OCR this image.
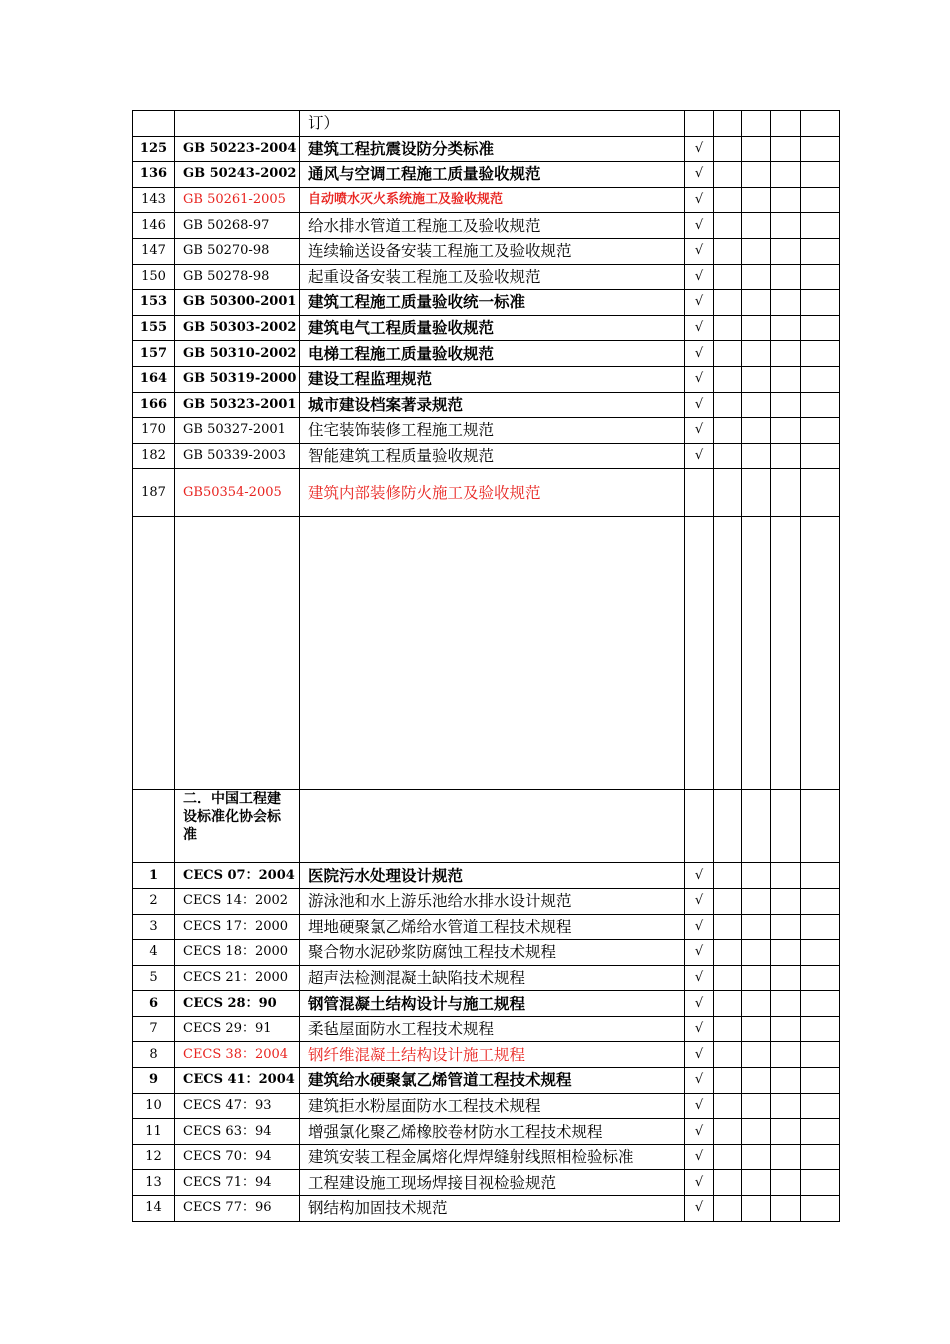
		订）					
125	GB 50223-2004	建筑工程抗震设防分类标准	√				
136	GB 50243-2002	通风与空调工程施工质量验收规范	√				
143	GB 50261-2005	自动喷水灭火系统施工及验收规范	√				
146	GB 50268-97	给水排水管道工程施工及验收规范	√				
147	GB 50270-98	连续输送设备安装工程施工及验收规范	√				
150	GB 50278-98	起重设备安装工程施工及验收规范	√				
153	GB 50300-2001	建筑工程施工质量验收统一标准	√				
155	GB 50303-2002	建筑电气工程质量验收规范	√				
157	GB 50310-2002	电梯工程施工质量验收规范	√				
164	GB 50319-2000	建设工程监理规范	√				
166	GB 50323-2001	城市建设档案著录规范	√				
170	GB 50327-2001	住宅装饰装修工程施工规范	√				
182	GB 50339-2003	智能建筑工程质量验收规范	√				
187	GB50354-2005	建筑内部装修防火施工及验收规范					

	二．中国工程建设标准化协会标准						
1	CECS 07：2004	医院污水处理设计规范	√				
2	CECS 14：2002	游泳池和水上游乐池给水排水设计规范	√				
3	CECS 17：2000	埋地硬聚氯乙烯给水管道工程技术规程	√				
4	CECS 18：2000	聚合物水泥砂浆防腐蚀工程技术规程	√				
5	CECS 21：2000	超声法检测混凝土缺陷技术规程	√				
6	CECS 28：90	钢管混凝土结构设计与施工规程	√				
7	CECS 29：91	柔毡屋面防水工程技术规程	√				
8	CECS 38：2004	钢纤维混凝土结构设计施工规程	√				
9	CECS 41：2004	建筑给水硬聚氯乙烯管道工程技术规程	√				
10	CECS 47：93	建筑拒水粉屋面防水工程技术规程	√				
11	CECS 63：94	增强氯化聚乙烯橡胶卷材防水工程技术规程	√				
12	CECS 70：94	建筑安装工程金属熔化焊焊缝射线照相检验标准	√				
13	CECS 71：94	工程建设施工现场焊接目视检验规范	√				
14	CECS 77：96	钢结构加固技术规范	√				
